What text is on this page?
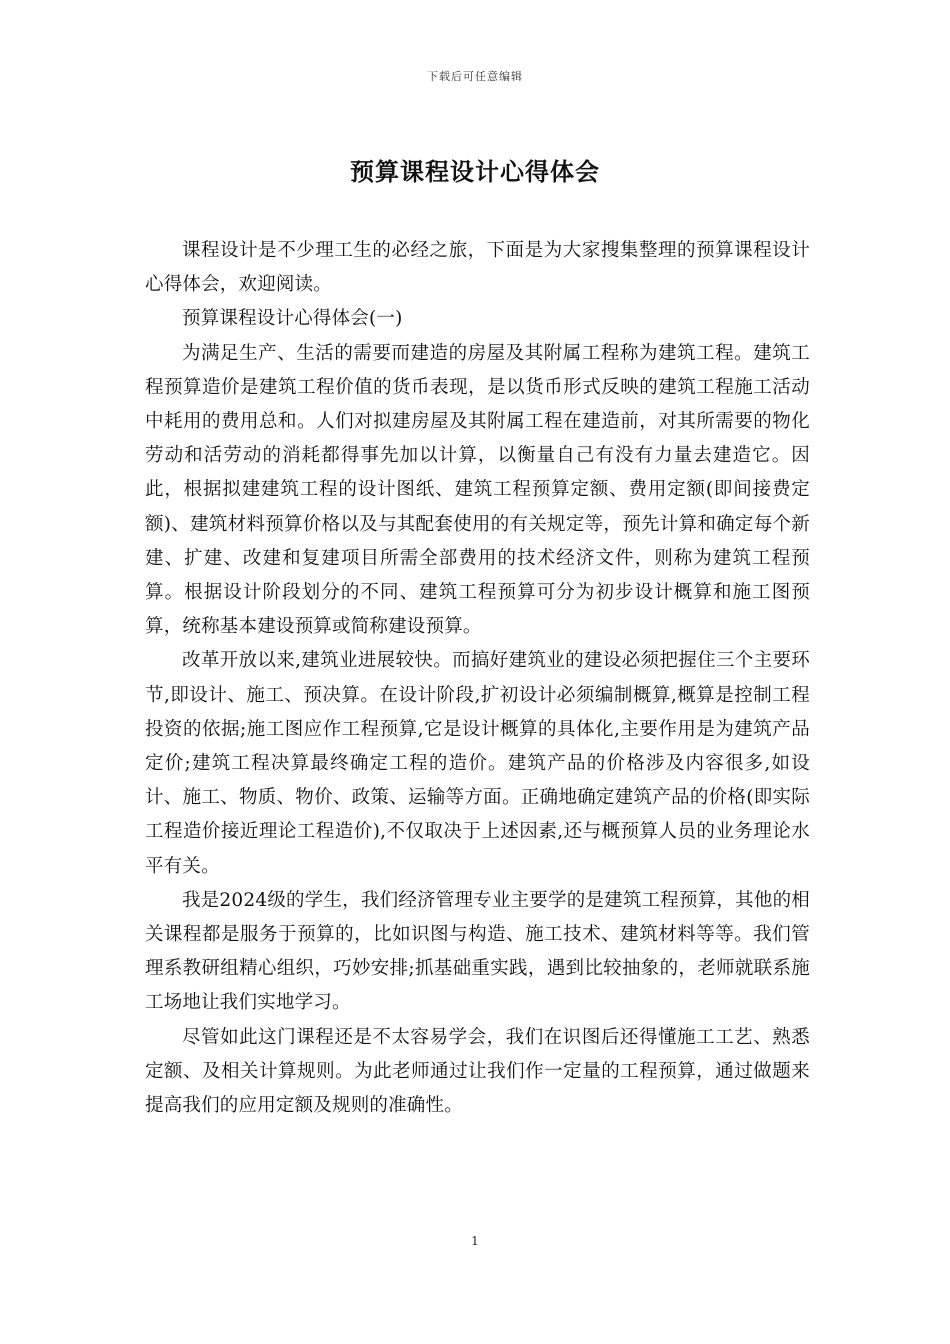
下载后可任意编辑
预算课程设计心得体会

课程设计是不少理工生的必经之旅，下面是为大家搜集整理的预算课程设计心得体会，欢迎阅读。

预算课程设计心得体会(一)

为满足生产、生活的需要而建造的房屋及其附属工程称为建筑工程。建筑工程预算造价是建筑工程价值的货币表现，是以货币形式反映的建筑工程施工活动中耗用的费用总和。人们对拟建房屋及其附属工程在建造前，对其所需要的物化劳动和活劳动的消耗都得事先加以计算，以衡量自己有没有力量去建造它。因此，根据拟建建筑工程的设计图纸、建筑工程预算定额、费用定额(即间接费定额)、建筑材料预算价格以及与其配套使用的有关规定等，预先计算和确定每个新建、扩建、改建和复建项目所需全部费用的技术经济文件，则称为建筑工程预算。根据设计阶段划分的不同、建筑工程预算可分为初步设计概算和施工图预算，统称基本建设预算或简称建设预算。

改革开放以来,建筑业进展较快。而搞好建筑业的建设必须把握住三个主要环节,即设计、施工、预决算。在设计阶段,扩初设计必须编制概算,概算是控制工程投资的依据;施工图应作工程预算,它是设计概算的具体化,主要作用是为建筑产品定价;建筑工程决算最终确定工程的造价。建筑产品的价格涉及内容很多,如设计、施工、物质、物价、政策、运输等方面。正确地确定建筑产品的价格(即实际工程造价接近理论工程造价),不仅取决于上述因素,还与概预算人员的业务理论水平有关。

我是2024级的学生，我们经济管理专业主要学的是建筑工程预算，其他的相关课程都是服务于预算的，比如识图与构造、施工技术、建筑材料等等。我们管理系教研组精心组织，巧妙安排;抓基础重实践，遇到比较抽象的，老师就联系施工场地让我们实地学习。

尽管如此这门课程还是不太容易学会，我们在识图后还得懂施工工艺、熟悉定额、及相关计算规则。为此老师通过让我们作一定量的工程预算，通过做题来提高我们的应用定额及规则的准确性。

1
